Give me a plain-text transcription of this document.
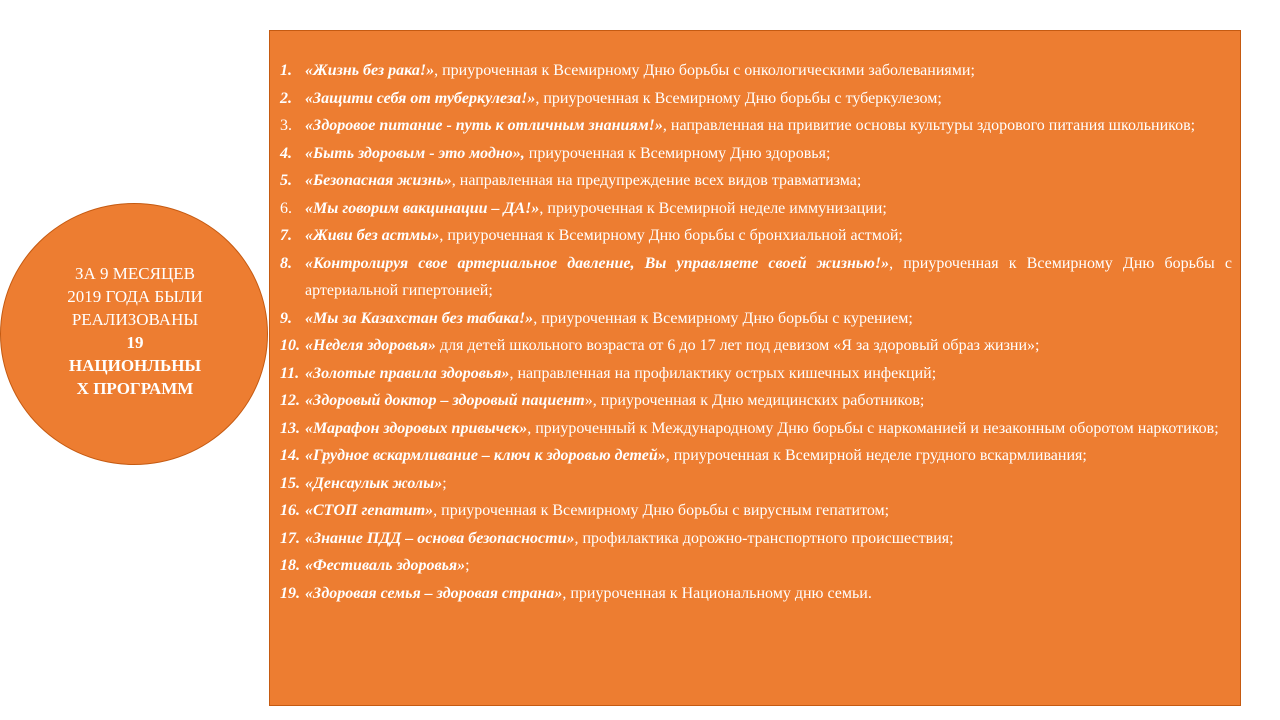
ЗА 9 МЕСЯЦЕВ
2019 ГОДА БЫЛИ
РЕАЛИЗОВАНЫ
19
НАЦИОНЛЬНЫ
Х ПРОГРАММ
1. «Жизнь без рака!», приуроченная к Всемирному Дню борьбы с онкологическими заболеваниями;
2. «Защити себя от туберкулеза!», приуроченная к Всемирному Дню борьбы с туберкулезом;
3. «Здоровое питание - путь к отличным знаниям!», направленная на привитие основы культуры здорового питания школьников;
4. «Быть здоровым - это модно», приуроченная к Всемирному Дню здоровья;
5. «Безопасная жизнь», направленная на предупреждение всех видов травматизма;
6. «Мы говорим вакцинации – ДА!», приуроченная к Всемирной неделе иммунизации;
7. «Живи без астмы», приуроченная к Всемирному Дню борьбы с бронхиальной астмой;
8. «Контролируя свое артериальное давление, Вы управляете своей жизнью!», приуроченная к Всемирному Дню борьбы с артериальной гипертонией;
9. «Мы за Казахстан без табака!», приуроченная к Всемирному Дню борьбы с курением;
10. «Неделя здоровья» для детей школьного возраста от 6 до 17 лет под девизом «Я за здоровый образ жизни»;
11. «Золотые правила здоровья», направленная на профилактику острых кишечных инфекций;
12. «Здоровый доктор – здоровый пациент», приуроченная к Дню медицинских работников;
13. «Марафон здоровых привычек», приуроченный к Международному Дню борьбы с наркоманией и незаконным оборотом наркотиков;
14. «Грудное вскармливание – ключ к здоровью детей», приуроченная к Всемирной неделе грудного вскармливания;
15. «Денсаулык жолы»;
16. «СТОП гепатит», приуроченная к Всемирному Дню борьбы с вирусным гепатитом;
17. «Знание ПДД – основа безопасности», профилактика дорожно-транспортного происшествия;
18. «Фестиваль здоровья»;
19. «Здоровая семья – здоровая страна», приуроченная к Национальному дню семьи.
